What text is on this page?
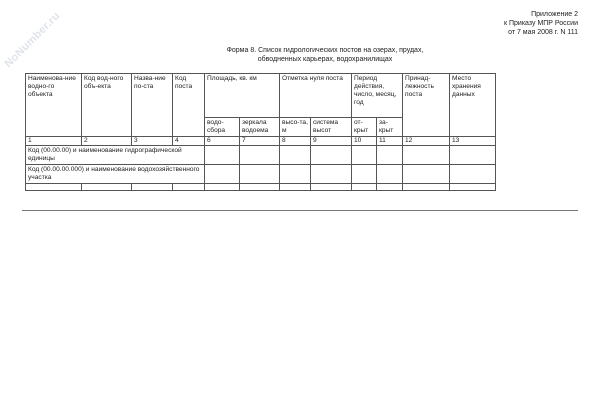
NoNumber.ru	Приложение 2
к Приказу МПР России
от 7 мая 2008 г. N 111
Форма 8. Список гидрологических постов на озерах, прудах,
обводненных карьерах, водохранилищах
Наименова-ние водно-го объекта	Код вод-ного объ-екта	Назва-ние по-ста	Код поста	Площадь, кв. км		Отметка нуля поста		Период действия, число, месяц, год		Принад-лежность поста	Место хранения данных
				водо-сбора	зеркала водоема	высо-та, м	система высот	от-крыт	за-крыт		
1	2	3	4	6	7	8	9	10	11	12	13
Код (00.00.00) и наименование гидрографической единицы											
Код (00.00.00.000) и наименование водохозяйственного участка											
